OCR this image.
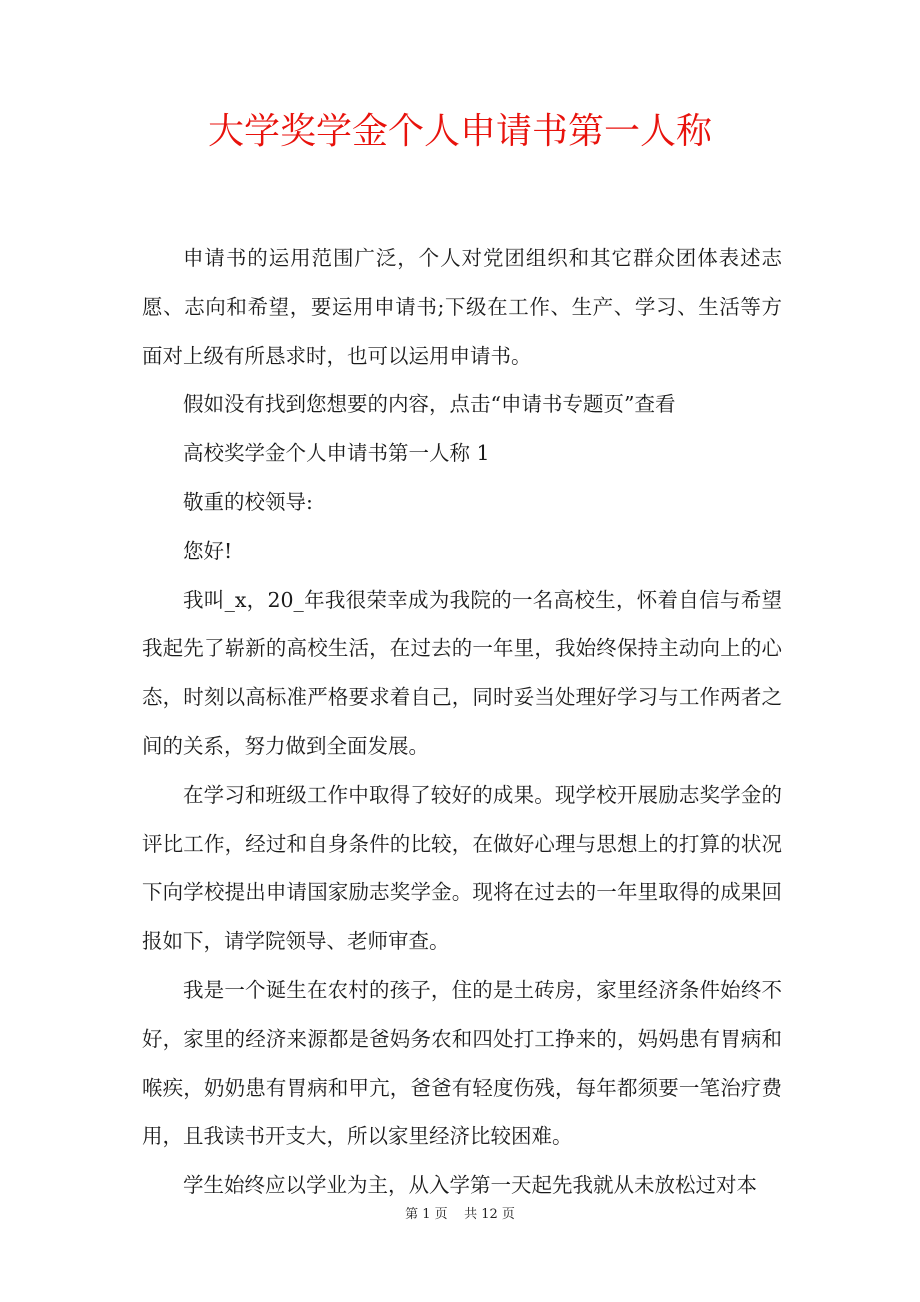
大学奖学金个人申请书第一人称

申请书的运用范围广泛，个人对党团组织和其它群众团体表述志愿、志向和希望，要运用申请书;下级在工作、生产、学习、生活等方面对上级有所恳求时，也可以运用申请书。

假如没有找到您想要的内容，点击“申请书专题页”查看

高校奖学金个人申请书第一人称 1

敬重的校领导:

您好!

我叫_x，20_年我很荣幸成为我院的一名高校生，怀着自信与希望我起先了崭新的高校生活，在过去的一年里，我始终保持主动向上的心态，时刻以高标准严格要求着自己，同时妥当处理好学习与工作两者之间的关系，努力做到全面发展。

在学习和班级工作中取得了较好的成果。现学校开展励志奖学金的评比工作，经过和自身条件的比较，在做好心理与思想上的打算的状况下向学校提出申请国家励志奖学金。现将在过去的一年里取得的成果回报如下，请学院领导、老师审查。

我是一个诞生在农村的孩子，住的是土砖房，家里经济条件始终不好，家里的经济来源都是爸妈务农和四处打工挣来的，妈妈患有胃病和喉疾，奶奶患有胃病和甲亢，爸爸有轻度伤残，每年都须要一笔治疗费用，且我读书开支大，所以家里经济比较困难。

学生始终应以学业为主，从入学第一天起先我就从未放松过对本

第 1 页    共 12 页
